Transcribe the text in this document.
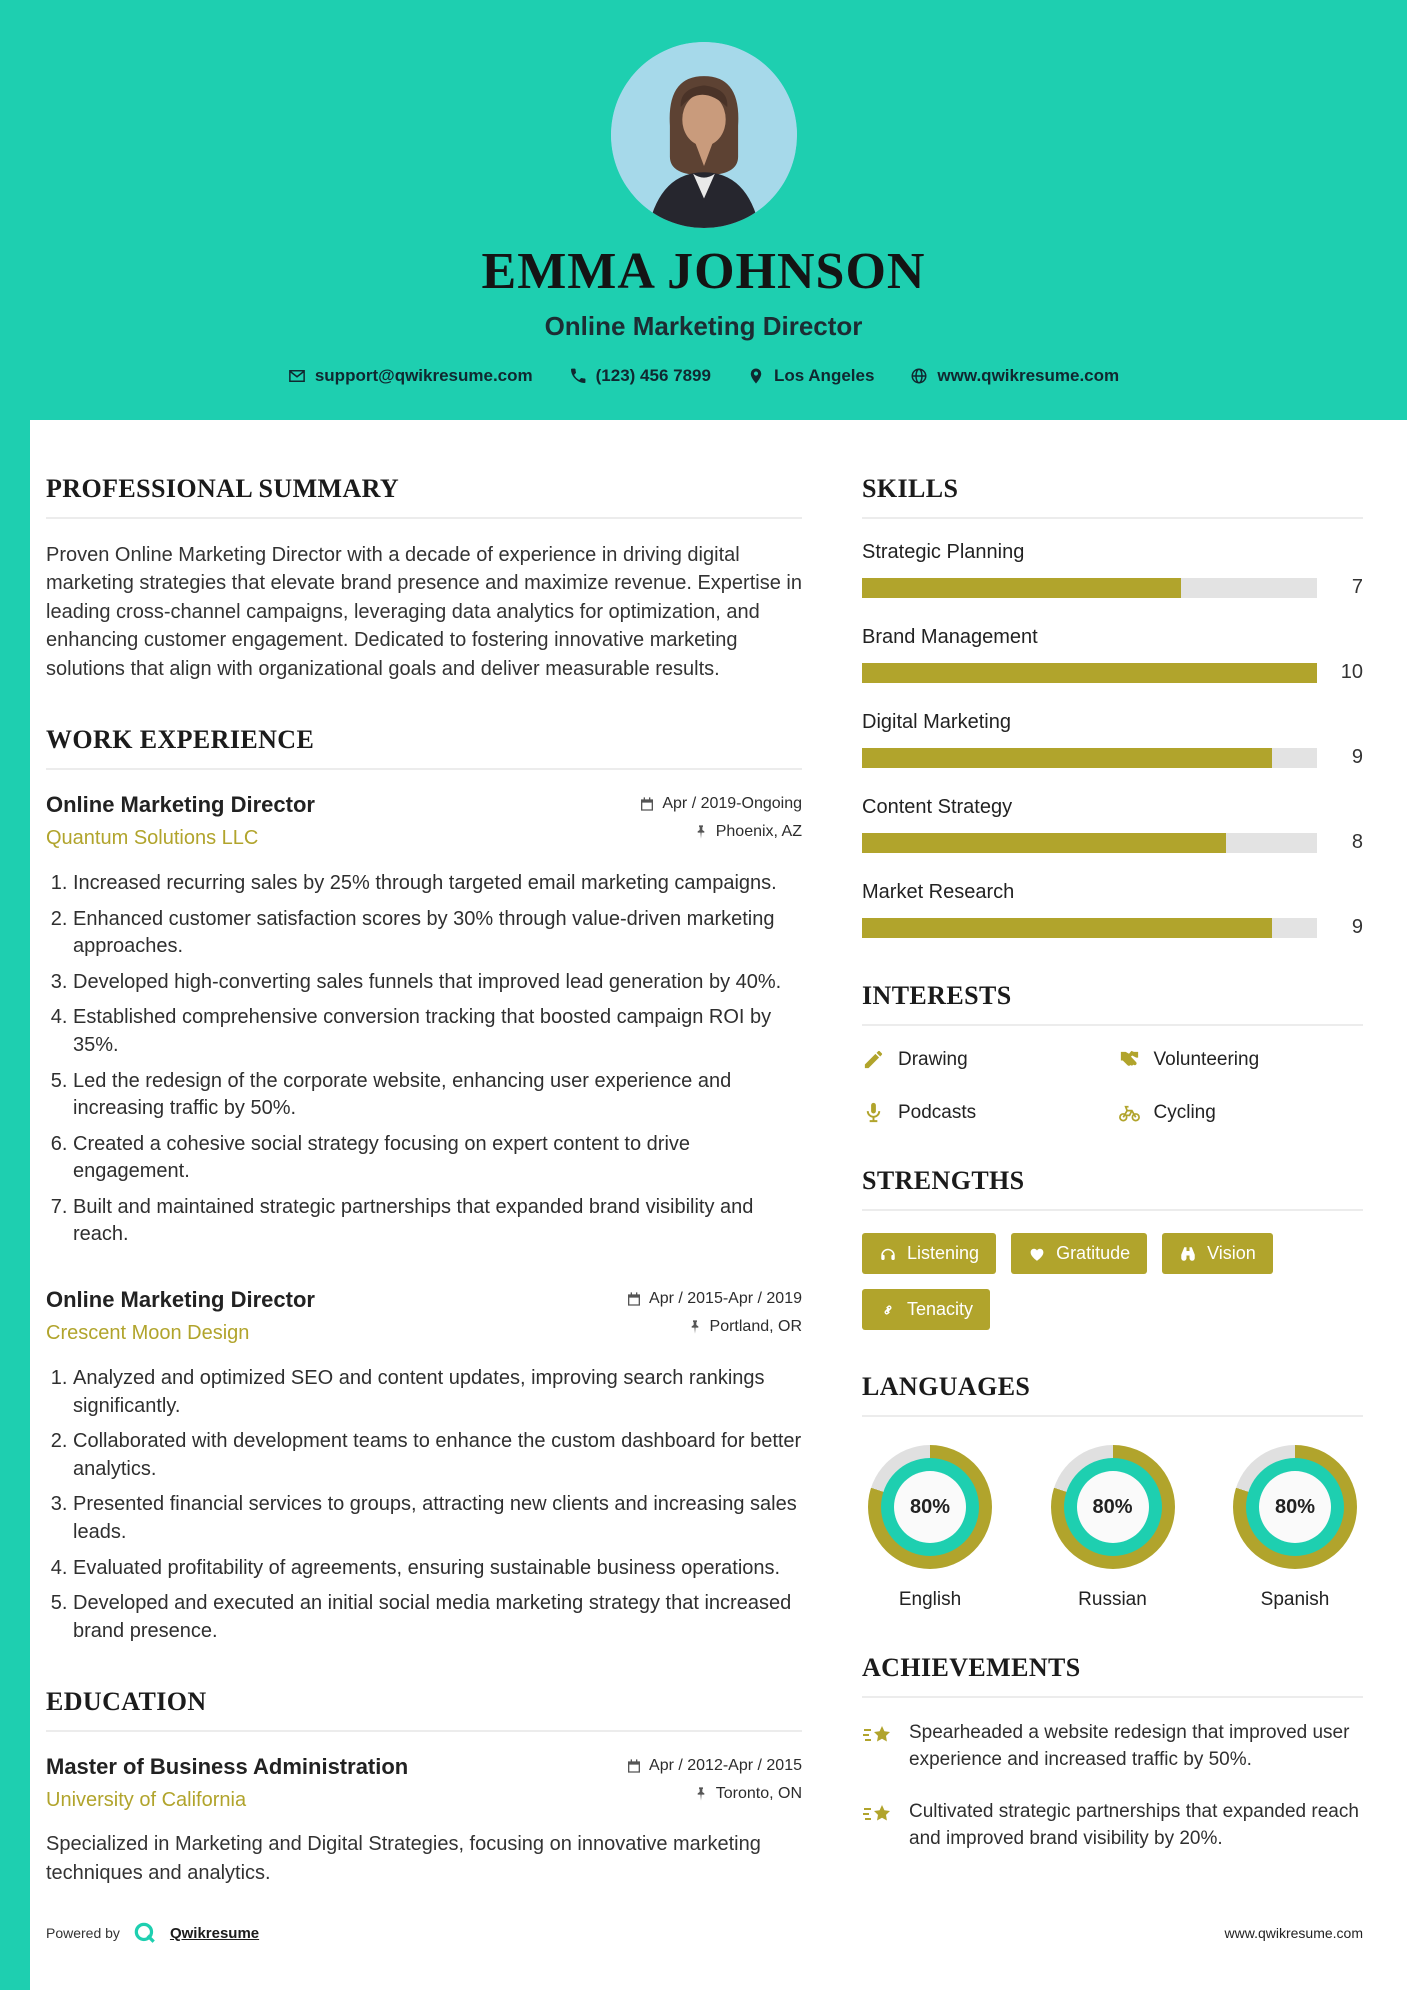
EMMA JOHNSON
Online Marketing Director
support@qwikresume.com	(123) 456 7899	Los Angeles	www.qwikresume.com
PROFESSIONAL SUMMARY

Proven Online Marketing Director with a decade of experience in driving digital marketing strategies that elevate brand presence and maximize revenue. Expertise in leading cross-channel campaigns, leveraging data analytics for optimization, and enhancing customer engagement. Dedicated to fostering innovative marketing solutions that align with organizational goals and deliver measurable results.

WORK EXPERIENCE
Online Marketing Director
Quantum Solutions LLC
Apr / 2019-Ongoing
Phoenix, AZ
1. Increased recurring sales by 25% through targeted email marketing campaigns.
2. Enhanced customer satisfaction scores by 30% through value-driven marketing approaches.
3. Developed high-converting sales funnels that improved lead generation by 40%.
4. Established comprehensive conversion tracking that boosted campaign ROI by 35%.
5. Led the redesign of the corporate website, enhancing user experience and increasing traffic by 50%.
6. Created a cohesive social strategy focusing on expert content to drive engagement.
7. Built and maintained strategic partnerships that expanded brand visibility and reach.
Online Marketing Director
Crescent Moon Design
Apr / 2015-Apr / 2019
Portland, OR
1. Analyzed and optimized SEO and content updates, improving search rankings significantly.
2. Collaborated with development teams to enhance the custom dashboard for better analytics.
3. Presented financial services to groups, attracting new clients and increasing sales leads.
4. Evaluated profitability of agreements, ensuring sustainable business operations.
5. Developed and executed an initial social media marketing strategy that increased brand presence.
EDUCATION
Master of Business Administration
University of California
Apr / 2012-Apr / 2015
Toronto, ON

Specialized in Marketing and Digital Strategies, focusing on innovative marketing techniques and analytics.

SKILLS
Strategic Planning
7
Brand Management
10
Digital Marketing
9
Content Strategy
8
Market Research
9
INTERESTS
Drawing	Volunteering
Podcasts	Cycling
STRENGTHS
Listening	Gratitude	Vision
Tenacity
LANGUAGES
80%
English
80%
Russian
80%
Spanish
ACHIEVEMENTS
Spearheaded a website redesign that improved user experience and increased traffic by 50%.
Cultivated strategic partnerships that expanded reach and improved brand visibility by 20%.
Powered by	Qwikresume	www.qwikresume.com
